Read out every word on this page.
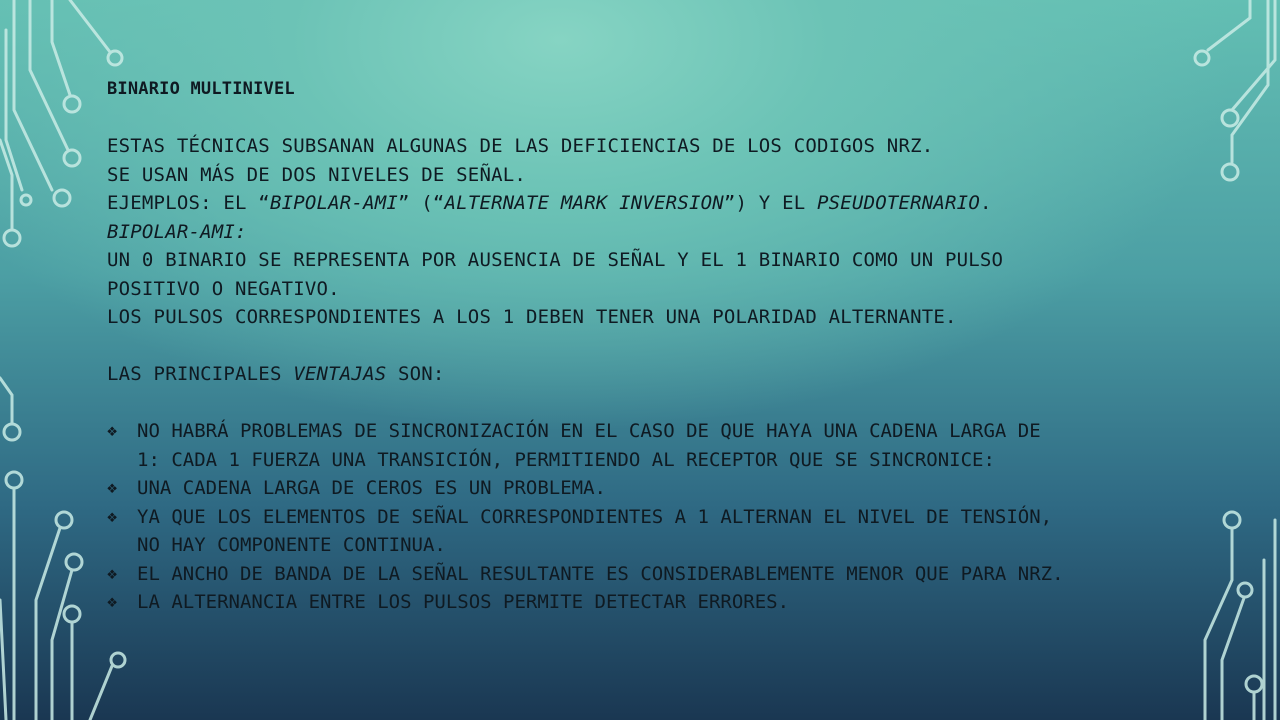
BINARIO MULTINIVEL
ESTAS TÉCNICAS SUBSANAN ALGUNAS DE LAS DEFICIENCIAS DE LOS CODIGOS NRZ.
SE USAN MÁS DE DOS NIVELES DE SEÑAL.
EJEMPLOS: EL “BIPOLAR-AMI” (“ALTERNATE MARK INVERSION”) Y EL PSEUDOTERNARIO.
BIPOLAR-AMI:
UN 0 BINARIO SE REPRESENTA POR AUSENCIA DE SEÑAL Y EL 1 BINARIO COMO UN PULSO
POSITIVO O NEGATIVO.
LOS PULSOS CORRESPONDIENTES A LOS 1 DEBEN TENER UNA POLARIDAD ALTERNANTE.
LAS PRINCIPALES VENTAJAS SON:
❖	NO HABRÁ PROBLEMAS DE SINCRONIZACIÓN EN EL CASO DE QUE HAYA UNA CADENA LARGA DE
1: CADA 1 FUERZA UNA TRANSICIÓN, PERMITIENDO AL RECEPTOR QUE SE SINCRONICE:
❖	UNA CADENA LARGA DE CEROS ES UN PROBLEMA.
❖	YA QUE LOS ELEMENTOS DE SEÑAL CORRESPONDIENTES A 1 ALTERNAN EL NIVEL DE TENSIÓN,
NO HAY COMPONENTE CONTINUA.
❖	EL ANCHO DE BANDA DE LA SEÑAL RESULTANTE ES CONSIDERABLEMENTE MENOR QUE PARA NRZ.
❖	LA ALTERNANCIA ENTRE LOS PULSOS PERMITE DETECTAR ERRORES.
